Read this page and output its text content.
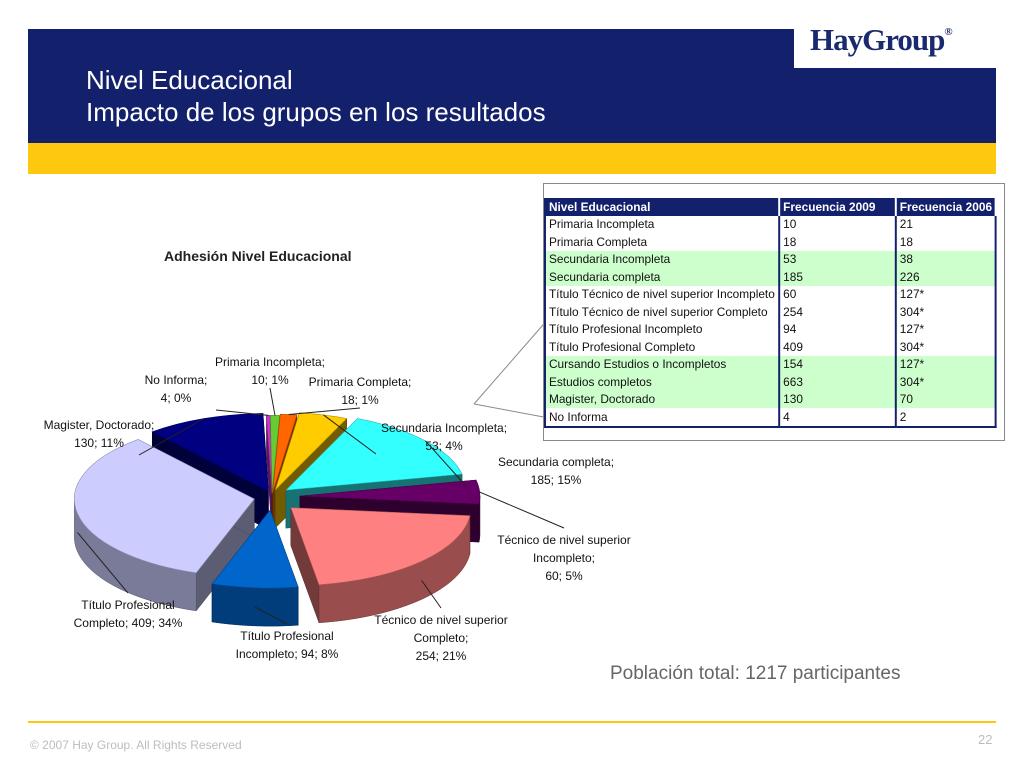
HayGroup®
Nivel Educacional
Impacto de los grupos en los resultados
Adhesión Nivel Educacional
No Informa;
4; 0%
Primaria Incompleta;
10; 1% Primaria Completa;
18; 1%
Secundaria Incompleta;
53; 4%
Secundaria completa;
185; 15%
Técnico de nivel superior
Incompleto;
60; 5%
Técnico de nivel superior
Completo;
254; 21%
Título Profesional
Incompleto; 94; 8%
Título Profesional
Completo; 409; 34%
Magister, Doctorado;
130; 11%
Nivel Educacional	Frecuencia 2009	Frecuencia 2006
Primaria Incompleta	10	21
Primaria Completa	18	18
Secundaria Incompleta	53	38
Secundaria completa	185	226
Título Técnico de nivel superior Incompleto	60	127*
Título Técnico de nivel superior Completo	254	304*
Título Profesional Incompleto	94	127*
Título Profesional Completo	409	304*
Cursando Estudios o Incompletos	154	127*
Estudios completos	663	304*
Magister, Doctorado	130	70
No Informa	4	2
Población total: 1217 participantes
© 2007 Hay Group. All Rights Reserved	22
